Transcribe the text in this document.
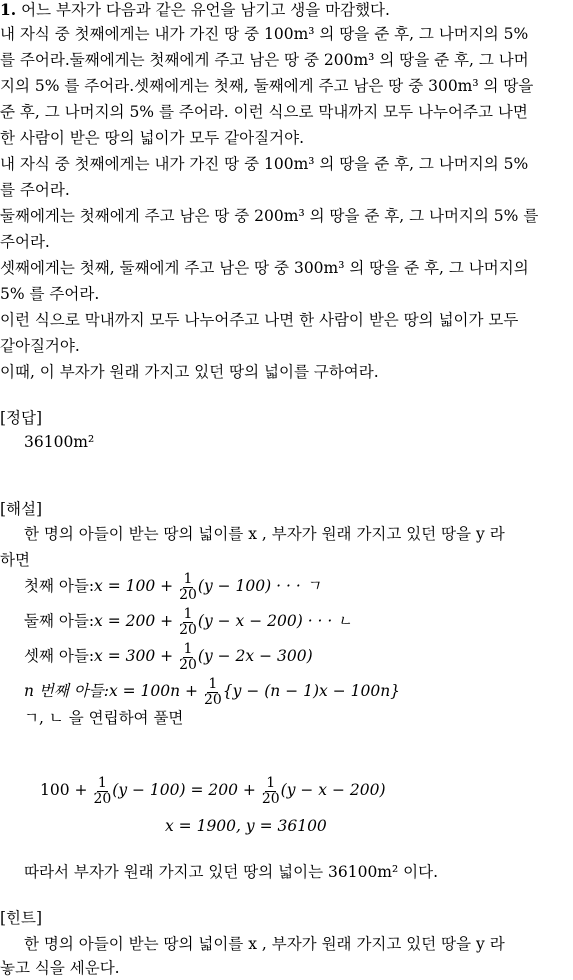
1. 어느 부자가 다음과 같은 유언을 남기고 생을 마감했다.
내 자식 중 첫째에게는 내가 가진 땅 중 100m³ 의 땅을 준 후, 그 나머지의 5%
를 주어라.둘째에게는 첫째에게 주고 남은 땅 중 200m³ 의 땅을 준 후, 그 나머
지의 5% 를 주어라.셋째에게는 첫째, 둘째에게 주고 남은 땅 중 300m³ 의 땅을
준 후, 그 나머지의 5% 를 주어라. 이런 식으로 막내까지 모두 나누어주고 나면
한 사람이 받은 땅의 넓이가 모두 같아질거야.
내 자식 중 첫째에게는 내가 가진 땅 중 100m³ 의 땅을 준 후, 그 나머지의 5%
를 주어라.
둘째에게는 첫째에게 주고 남은 땅 중 200m³ 의 땅을 준 후, 그 나머지의 5% 를
주어라.
셋째에게는 첫째, 둘째에게 주고 남은 땅 중 300m³ 의 땅을 준 후, 그 나머지의
5% 를 주어라.
이런 식으로 막내까지 모두 나누어주고 나면 한 사람이 받은 땅의 넓이가 모두
같아질거야.
이때, 이 부자가 원래 가지고 있던 땅의 넓이를 구하여라.
[정답]
36100m²
[해설]
한 명의 아들이 받는 땅의 넓이를 x , 부자가 원래 가지고 있던 땅을 y 라
하면
첫째 아들:x = $100 + \frac{1}{20} (y - 100)$ · · · ㄱ
둘째 아들:x = $200 + \frac{1}{20} (y - x - 200)$ · · · ㄴ
셋째 아들:x = $300 + \frac{1}{20} (y - 2x - 300)$
n 번째 아들:x = $100n + \frac{1}{20} \{y - (n - 1)x - 100n\}$
ㄱ, ㄴ 을 연립하여 풀면
$100 + \frac{1}{20} (y - 100) = 200 + \frac{1}{20} (y - x - 200)$
x = 1900, y = 36100
따라서 부자가 원래 가지고 있던 땅의 넓이는 36100m² 이다.
[힌트]
한 명의 아들이 받는 땅의 넓이를 x , 부자가 원래 가지고 있던 땅을 y 라
놓고 식을 세운다.
